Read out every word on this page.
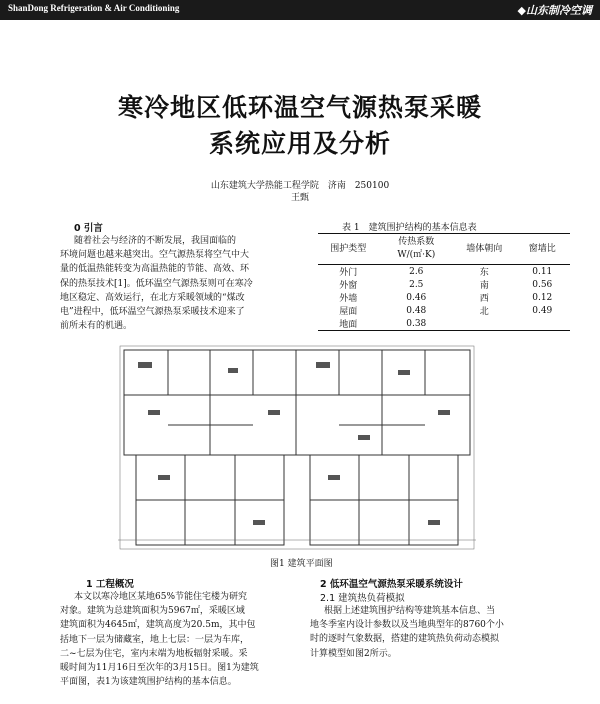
ShanDong Refrigeration & Air Conditioning	◆山东制冷空调
寒冷地区低环温空气源热泵采暖
系统应用及分析
山东建筑大学热能工程学院　济南　250100
王甄
0 引言
随着社会与经济的不断发展，我国面临的
环境问题也越来越突出。空气源热泵将空气中大
量的低温热能转变为高温热能的节能、高效、环
保的热泵技术[1]。低环温空气源热泵则可在寒冷
地区稳定、高效运行，在北方采暖领域的“煤改
电”进程中，低环温空气源热泵采暖技术迎来了
前所未有的机遇。
表 1　建筑围护结构的基本信息表
围护类型	传热系数
W/(㎡·K)	墙体朝向	窗墙比
外门	2.6	东	0.11
外窗	2.5	南	0.56
外墙	0.46	西	0.12
屋面	0.48	北	0.49
地面	0.38		
图1 建筑平面图
1 工程概况
本文以寒冷地区某地65%节能住宅楼为研究
对象。建筑为总建筑面积为5967㎡，采暖区域
建筑面积为4645㎡，建筑高度为20.5m，其中包
括地下一层为储藏室，地上七层：一层为车库，
二~七层为住宅，室内末端为地板辐射采暖。采
暖时间为11月16日至次年的3月15日。图1为建筑
平面图，表1为该建筑围护结构的基本信息。
2 低环温空气源热泵采暖系统设计
2.1 建筑热负荷模拟
根据上述建筑围护结构等建筑基本信息、当
地冬季室内设计参数以及当地典型年的8760个小
时的逐时气象数据，搭建的建筑热负荷动态模拟
计算模型如图2所示。
